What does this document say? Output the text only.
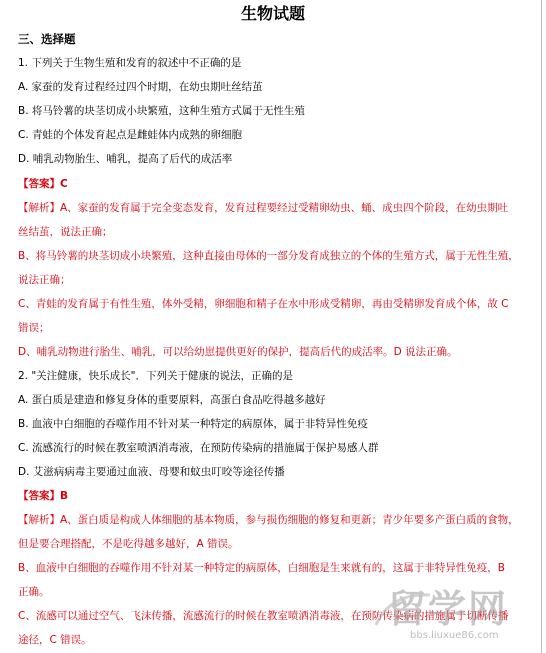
生物试题
三、选择题
1. 下列关于生物生殖和发育的叙述中不正确的是
A. 家蚕的发育过程经过四个时期，在幼虫期吐丝结茧
B. 将马铃薯的块茎切成小块繁殖，这种生殖方式属于无性生殖
C. 青蛙的个体发育起点是雌蛙体内成熟的卵细胞
D. 哺乳动物胎生、哺乳，提高了后代的成活率
【答案】C
【解析】A、家蚕的发育属于完全变态发育，发育过程要经过受精卵幼虫、蛹、成虫四个阶段，在幼虫期吐
丝结茧，说法正确；
B、将马铃薯的块茎切成小块繁殖，这种直接由母体的一部分发育成独立的个体的生殖方式，属于无性生殖，
说法正确；
C、青蛙的发育属于有性生殖，体外受精，卵细胞和精子在水中形成受精卵，再由受精卵发育成个体，故 C
错误；
D、哺乳动物进行胎生、哺乳，可以给幼崽提供更好的保护，提高后代的成活率。D 说法正确。
2. "关注健康，快乐成长"．下列关于健康的说法，正确的是
A. 蛋白质是建造和修复身体的重要原料，高蛋白食品吃得越多越好
B. 血液中白细胞的吞噬作用不针对某一种特定的病原体，属于非特异性免疫
C. 流感流行的时候在教室喷洒消毒液，在预防传染病的措施属于保护易感人群
D. 艾滋病病毒主要通过血液、母婴和蚊虫叮咬等途径传播
【答案】B
【解析】A、蛋白质是构成人体细胞的基本物质，参与损伤细胞的修复和更新；青少年要多产蛋白质的食物，
但是要合理搭配，不是吃得越多越好，A 错误。
B、血液中白细胞的吞噬作用不针对某一种特定的病原体，白细胞是生来就有的，这属于非特异性免疫，B
正确。
C、流感可以通过空气、飞沫传播，流感流行的时候在教室喷洒消毒液，在预防传染病的措施属于切断传播
途径，C 错误。
留学网
bbs.liuxue86.com
